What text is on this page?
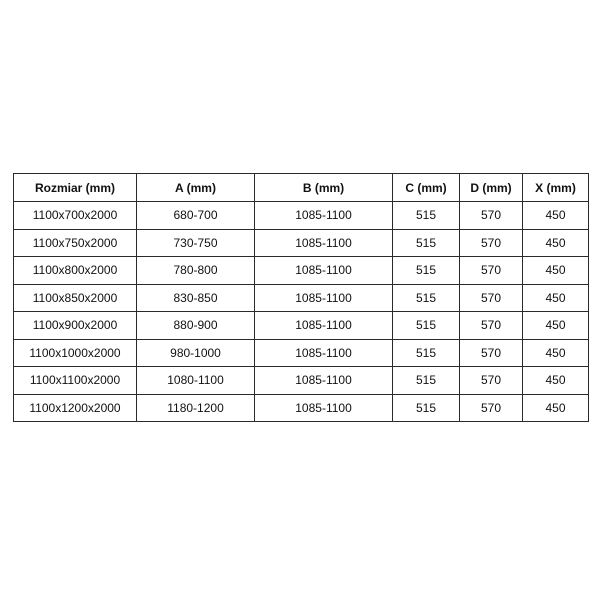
Rozmiar (mm)	A (mm)	B (mm)	C (mm)	D (mm)	X (mm)
1100x700x2000	680-700	1085-1100	515	570	450
1100x750x2000	730-750	1085-1100	515	570	450
1100x800x2000	780-800	1085-1100	515	570	450
1100x850x2000	830-850	1085-1100	515	570	450
1100x900x2000	880-900	1085-1100	515	570	450
1100x1000x2000	980-1000	1085-1100	515	570	450
1100x1100x2000	1080-1100	1085-1100	515	570	450
1100x1200x2000	1180-1200	1085-1100	515	570	450
